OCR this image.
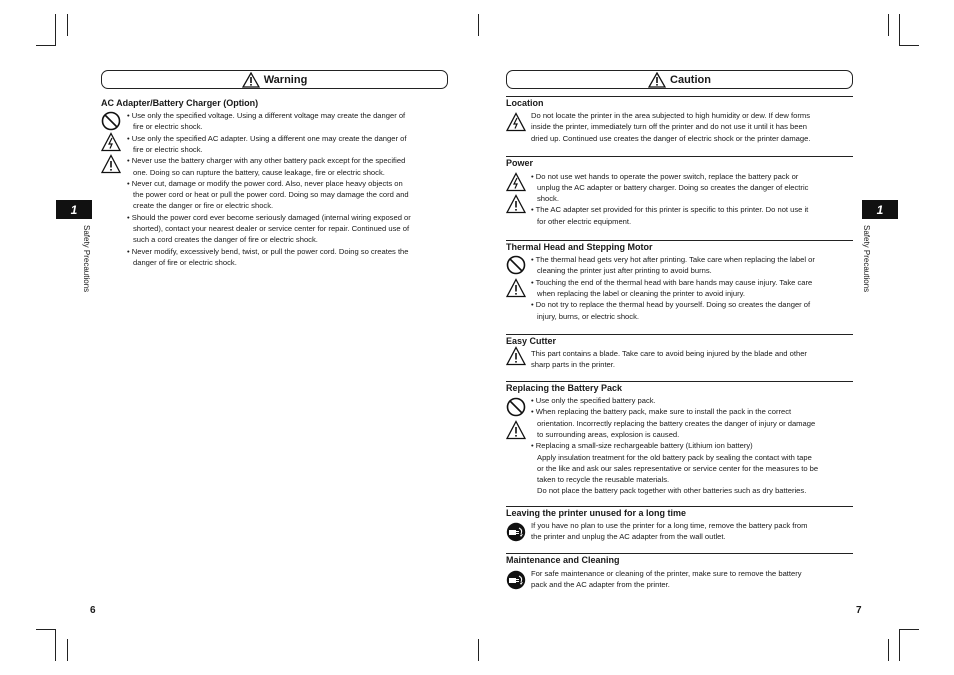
Warning
AC Adapter/Battery Charger (Option)
• Use only the specified voltage. Using a different voltage may create the danger of
fire or electric shock.
• Use only the specified AC adapter. Using a different one may create the danger of
fire or electric shock.
• Never use the battery charger with any other battery pack except for the specified
one. Doing so can rupture the battery, cause leakage, fire or electric shock.
• Never cut, damage or modify the power cord. Also, never place heavy objects on
the power cord or heat or pull the power cord. Doing so may damage the cord and
create the danger or fire or electric shock.
• Should the power cord ever become seriously damaged (internal wiring exposed or
shorted), contact your nearest dealer or service center for repair. Continued use of
such a cord creates the danger of fire or electric shock.
• Never modify, excessively bend, twist, or pull the power cord. Doing so creates the
danger of fire or electric shock.
1
Safety Precautions
6
Caution
Location
Do not locate the printer in the area subjected to high humidity or dew. If dew forms
inside the printer, immediately turn off the printer and do not use it until it has been
dried up. Continued use creates the danger of electric shock or the printer damage.
Power
• Do not use wet hands to operate the power switch, replace the battery pack or
unplug the AC adapter or battery charger. Doing so creates the danger of electric
shock.
• The AC adapter set provided for this printer is specific to this printer. Do not use it
for other electric equipment.
Thermal Head and Stepping Motor
• The thermal head gets very hot after printing. Take care when replacing the label or
cleaning the printer just after printing to avoid burns.
• Touching the end of the thermal head with bare hands may cause injury. Take care
when replacing the label or cleaning the printer to avoid injury.
• Do not try to replace the thermal head by yourself. Doing so creates the danger of
injury, burns, or electric shock.
Easy Cutter
This part contains a blade. Take care to avoid being injured by the blade and other
sharp parts in the printer.
Replacing the Battery Pack
• Use only the specified battery pack.
• When replacing the battery pack, make sure to install the pack in the correct
orientation. Incorrectly replacing the battery creates the danger of injury or damage
to surrounding areas, explosion is caused.
• Replacing a small-size rechargeable battery (Lithium ion battery)
Apply insulation treatment for the old battery pack by sealing the contact with tape
or the like and ask our sales representative or service center for the measures to be
taken to recycle the reusable materials.
Do not place the battery pack together with other batteries such as dry batteries.
Leaving the printer unused for a long time
If you have no plan to use the printer for a long time, remove the battery pack from
the printer and unplug the AC adapter from the wall outlet.
Maintenance and Cleaning
For safe maintenance or cleaning of the printer, make sure to remove the battery
pack and the AC adapter from the printer.
1
Safety Precautions
7
